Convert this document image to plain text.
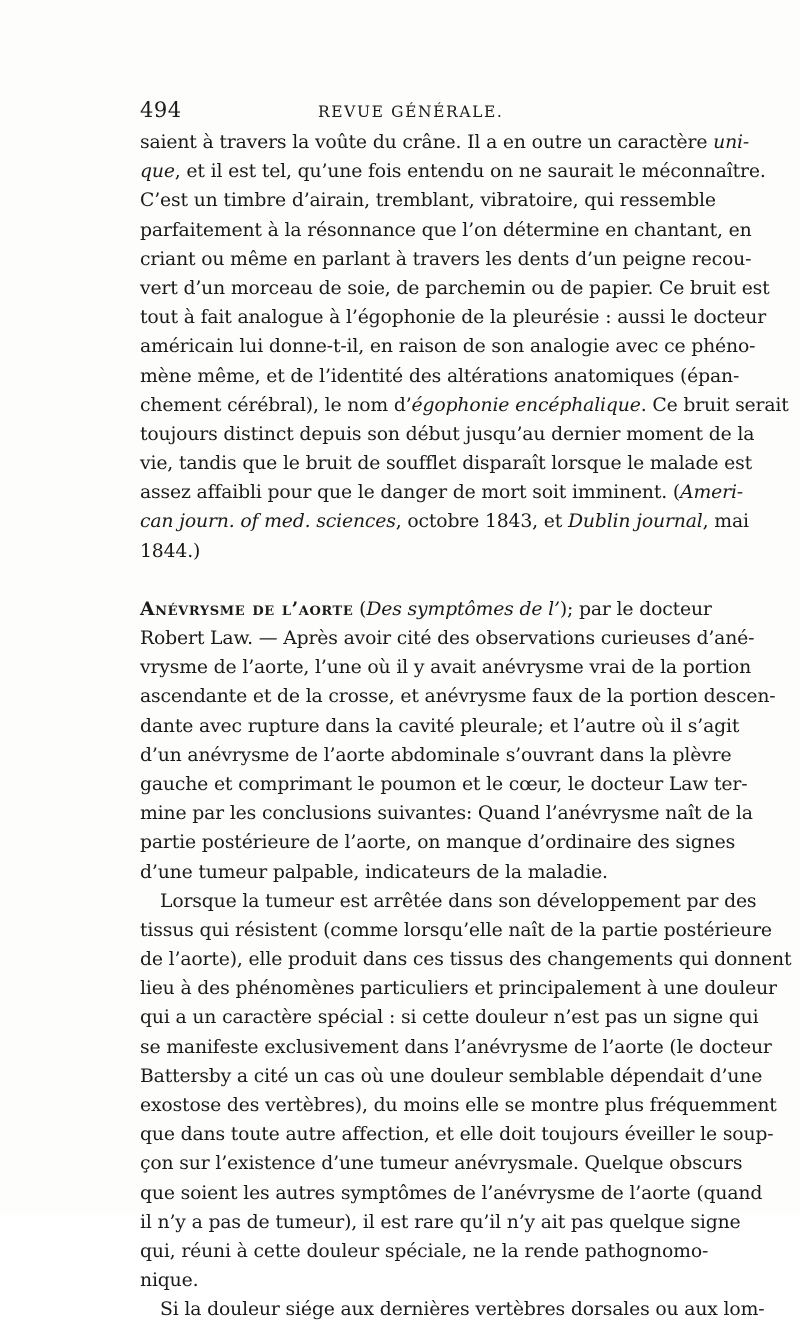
494	REVUE GÉNÉRALE.
saient à travers la voûte du crâne. Il a en outre un caractère uni-
que, et il est tel, qu’une fois entendu on ne saurait le méconnaître.
C’est un timbre d’airain, tremblant, vibratoire, qui ressemble
parfaitement à la résonnance que l’on détermine en chantant, en
criant ou même en parlant à travers les dents d’un peigne recou-
vert d’un morceau de soie, de parchemin ou de papier. Ce bruit est
tout à fait analogue à l’égophonie de la pleurésie : aussi le docteur
américain lui donne-t-il, en raison de son analogie avec ce phéno-
mène même, et de l’identité des altérations anatomiques (épan-
chement cérébral), le nom d’égophonie encéphalique. Ce bruit serait
toujours distinct depuis son début jusqu’au dernier moment de la
vie, tandis que le bruit de soufflet disparaît lorsque le malade est
assez affaibli pour que le danger de mort soit imminent. (Ameri-
can journ. of med. sciences, octobre 1843, et Dublin journal, mai
1844.)
Anévrysme de l’aorte (Des symptômes de l’); par le docteur
Robert Law. — Après avoir cité des observations curieuses d’ané-
vrysme de l’aorte, l’une où il y avait anévrysme vrai de la portion
ascendante et de la crosse, et anévrysme faux de la portion descen-
dante avec rupture dans la cavité pleurale; et l’autre où il s’agit
d’un anévrysme de l’aorte abdominale s’ouvrant dans la plèvre
gauche et comprimant le poumon et le cœur, le docteur Law ter-
mine par les conclusions suivantes: Quand l’anévrysme naît de la
partie postérieure de l’aorte, on manque d’ordinaire des signes
d’une tumeur palpable, indicateurs de la maladie.
Lorsque la tumeur est arrêtée dans son développement par des
tissus qui résistent (comme lorsqu’elle naît de la partie postérieure
de l’aorte), elle produit dans ces tissus des changements qui donnent
lieu à des phénomènes particuliers et principalement à une douleur
qui a un caractère spécial : si cette douleur n’est pas un signe qui
se manifeste exclusivement dans l’anévrysme de l’aorte (le docteur
Battersby a cité un cas où une douleur semblable dépendait d’une
exostose des vertèbres), du moins elle se montre plus fréquemment
que dans toute autre affection, et elle doit toujours éveiller le soup-
çon sur l’existence d’une tumeur anévrysmale. Quelque obscurs
que soient les autres symptômes de l’anévrysme de l’aorte (quand
il n’y a pas de tumeur), il est rare qu’il n’y ait pas quelque signe
qui, réuni à cette douleur spéciale, ne la rende pathognomo-
nique.
Si la douleur siége aux dernières vertèbres dorsales ou aux lom-
